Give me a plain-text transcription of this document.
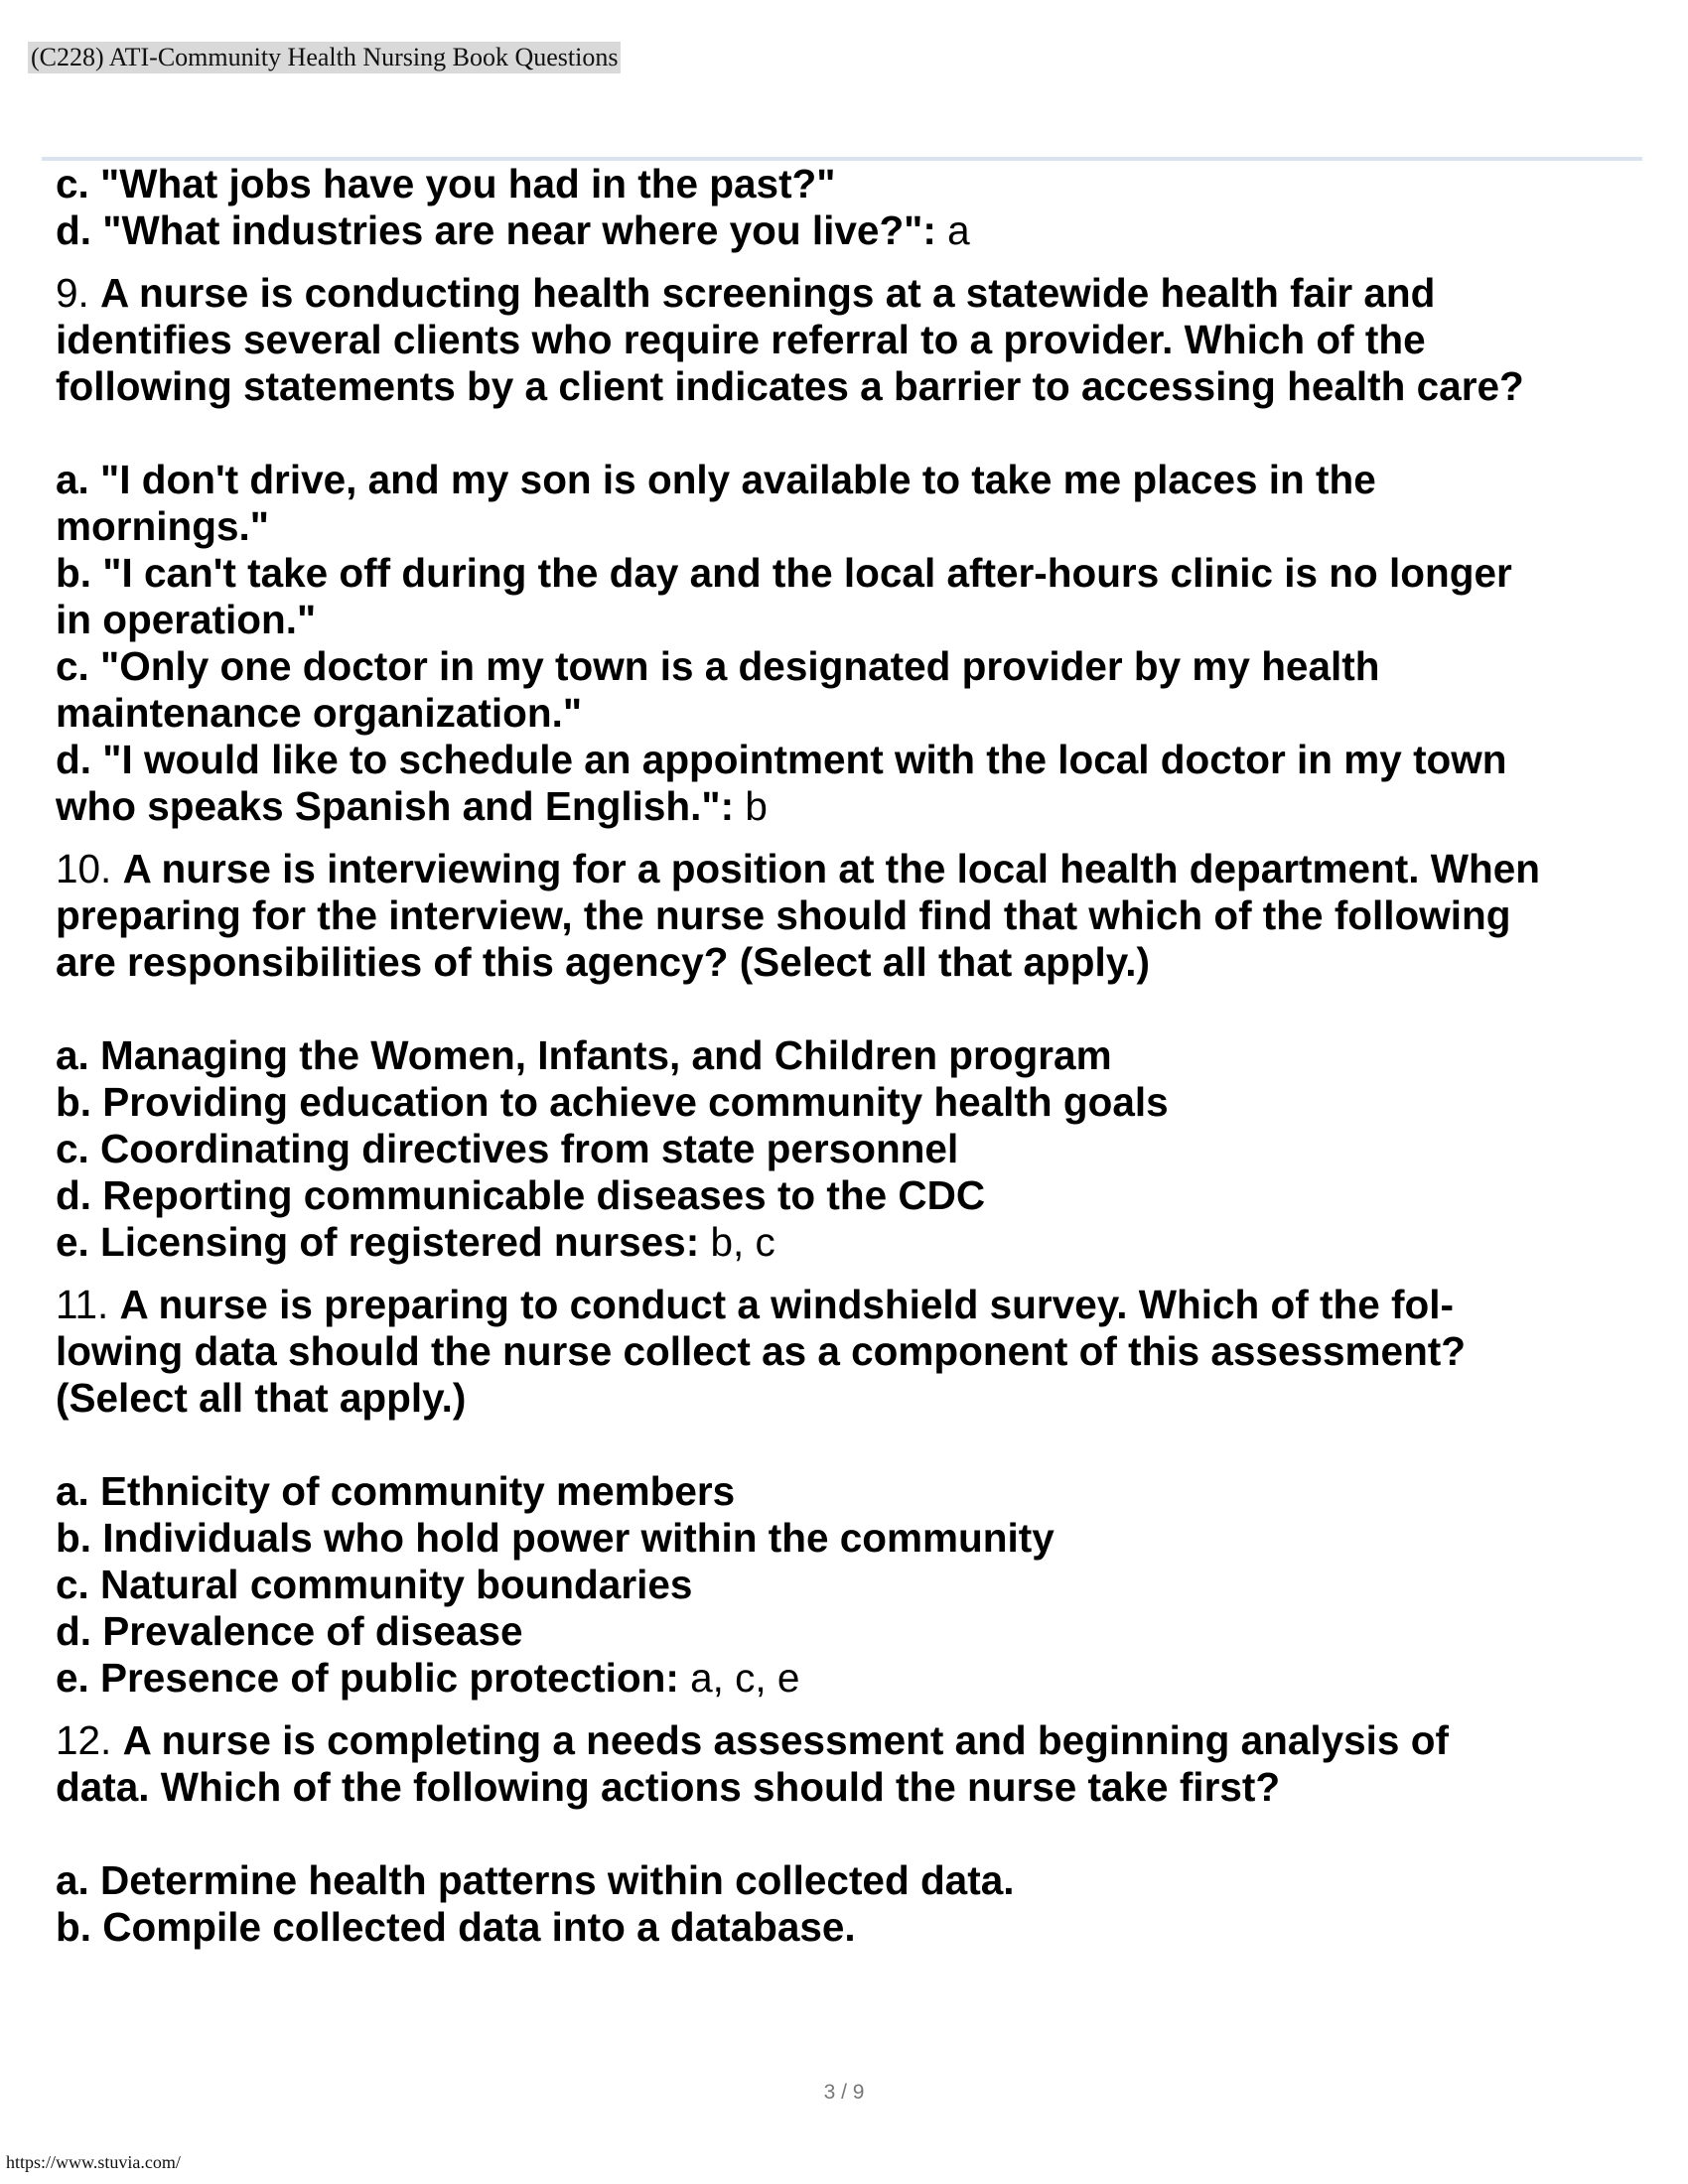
(C228) ATI-Community Health Nursing Book Questions
c. "What jobs have you had in the past?"
d. "What industries are near where you live?": a
9. A nurse is conducting health screenings at a statewide health fair and
identifies several clients who require referral to a provider. Which of the
following statements by a client indicates a barrier to accessing health care?
a. "I don't drive, and my son is only available to take me places in the
mornings."
b. "I can't take off during the day and the local after-hours clinic is no longer
in operation."
c. "Only one doctor in my town is a designated provider by my health
maintenance organization."
d. "I would like to schedule an appointment with the local doctor in my town
who speaks Spanish and English.": b
10. A nurse is interviewing for a position at the local health department. When
preparing for the interview, the nurse should find that which of the following
are responsibilities of this agency? (Select all that apply.)
a. Managing the Women, Infants, and Children program
b. Providing education to achieve community health goals
c. Coordinating directives from state personnel
d. Reporting communicable diseases to the CDC
e. Licensing of registered nurses: b, c
11. A nurse is preparing to conduct a windshield survey. Which of the fol-
lowing data should the nurse collect as a component of this assessment?
(Select all that apply.)
a. Ethnicity of community members
b. Individuals who hold power within the community
c. Natural community boundaries
d. Prevalence of disease
e. Presence of public protection: a, c, e
12. A nurse is completing a needs assessment and beginning analysis of
data. Which of the following actions should the nurse take first?
a. Determine health patterns within collected data.
b. Compile collected data into a database.
3 / 9
https://www.stuvia.com/
